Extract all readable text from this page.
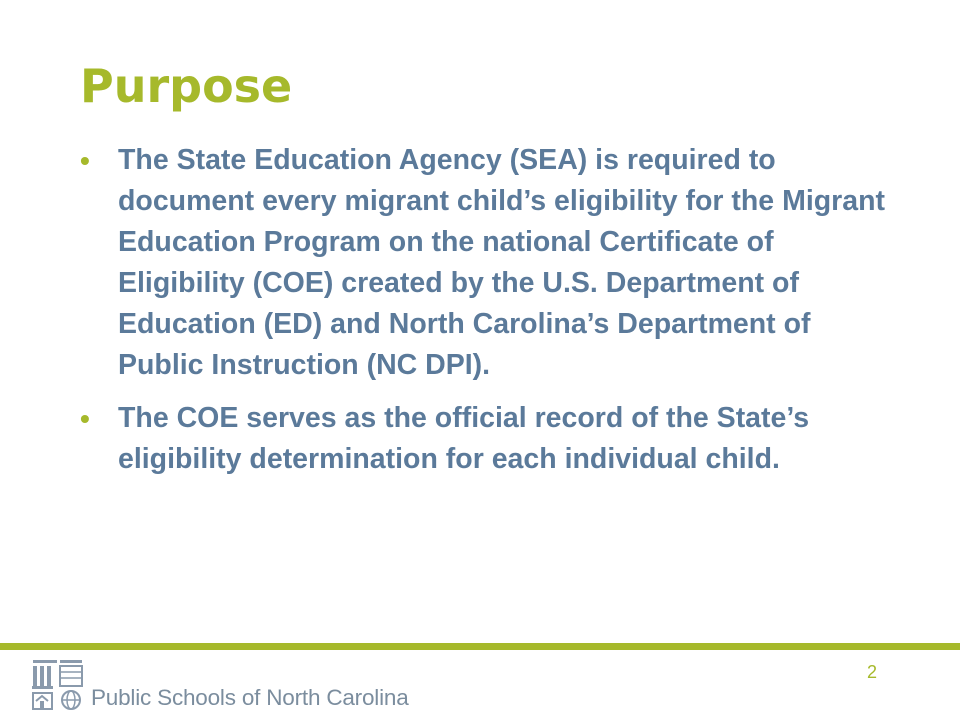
Purpose
• The State Education Agency (SEA) is required to document every migrant child’s eligibility for the Migrant Education Program on the national Certificate of Eligibility (COE) created by the U.S. Department of Education (ED) and North Carolina’s Department of Public Instruction (NC DPI).
• The COE serves as the official record of the State’s eligibility determination for each individual child.
Public Schools of North Carolina
2
